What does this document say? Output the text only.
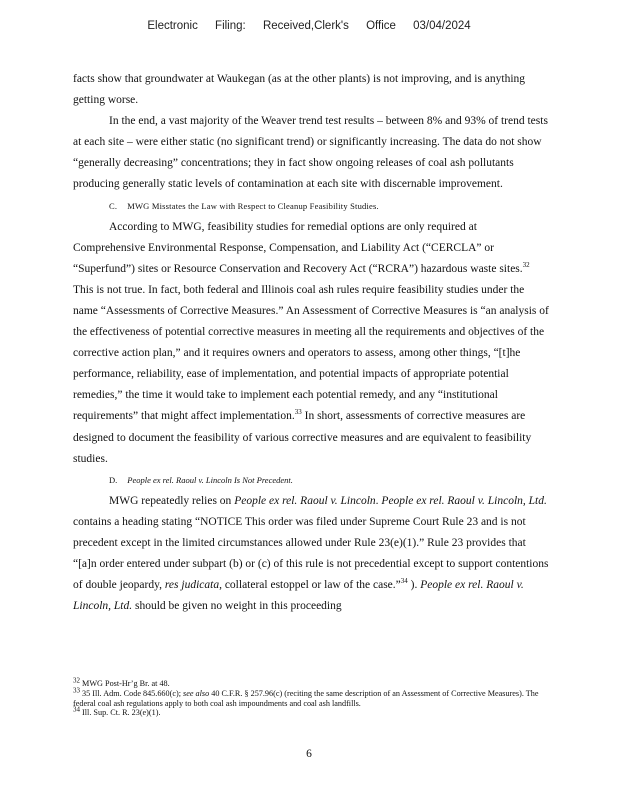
Electronic Filing: Received,Clerk's Office 03/04/2024

facts show that groundwater at Waukegan (as at the other plants) is not improving, and is anything getting worse.

In the end, a vast majority of the Weaver trend test results – between 8% and 93% of trend tests at each site – were either static (no significant trend) or significantly increasing. The data do not show “generally decreasing” concentrations; they in fact show ongoing releases of coal ash pollutants producing generally static levels of contamination at each site with discernable improvement.

C. MWG Misstates the Law with Respect to Cleanup Feasibility Studies.

According to MWG, feasibility studies for remedial options are only required at Comprehensive Environmental Response, Compensation, and Liability Act (“CERCLA” or “Superfund”) sites or Resource Conservation and Recovery Act (“RCRA”) hazardous waste sites.$^{32}$ This is not true. In fact, both federal and Illinois coal ash rules require feasibility studies under the name “Assessments of Corrective Measures.” An Assessment of Corrective Measures is “an analysis of the effectiveness of potential corrective measures in meeting all the requirements and objectives of the corrective action plan,” and it requires owners and operators to assess, among other things, “[t]he performance, reliability, ease of implementation, and potential impacts of appropriate potential remedies,” the time it would take to implement each potential remedy, and any “institutional requirements” that might affect implementation.$^{33}$ In short, assessments of corrective measures are designed to document the feasibility of various corrective measures and are equivalent to feasibility studies.

D. People ex rel. Raoul v. Lincoln Is Not Precedent.

MWG repeatedly relies on People ex rel. Raoul v. Lincoln. People ex rel. Raoul v. Lincoln, Ltd. contains a heading stating “NOTICE This order was filed under Supreme Court Rule 23 and is not precedent except in the limited circumstances allowed under Rule 23(e)(1).” Rule 23 provides that “[a]n order entered under subpart (b) or (c) of this rule is not precedential except to support contentions of double jeopardy, res judicata, collateral estoppel or law of the case.”$^{34}$ ). People ex rel. Raoul v. Lincoln, Ltd. should be given no weight in this proceeding

$^{32}$ MWG Post-Hr’g Br. at 48.

$^{33}$ 35 Ill. Adm. Code 845.660(c); see also 40 C.F.R. § 257.96(c) (reciting the same description of an Assessment of Corrective Measures). The federal coal ash regulations apply to both coal ash impoundments and coal ash landfills.

$^{34}$ Ill. Sup. Ct. R. 23(e)(1).

6
